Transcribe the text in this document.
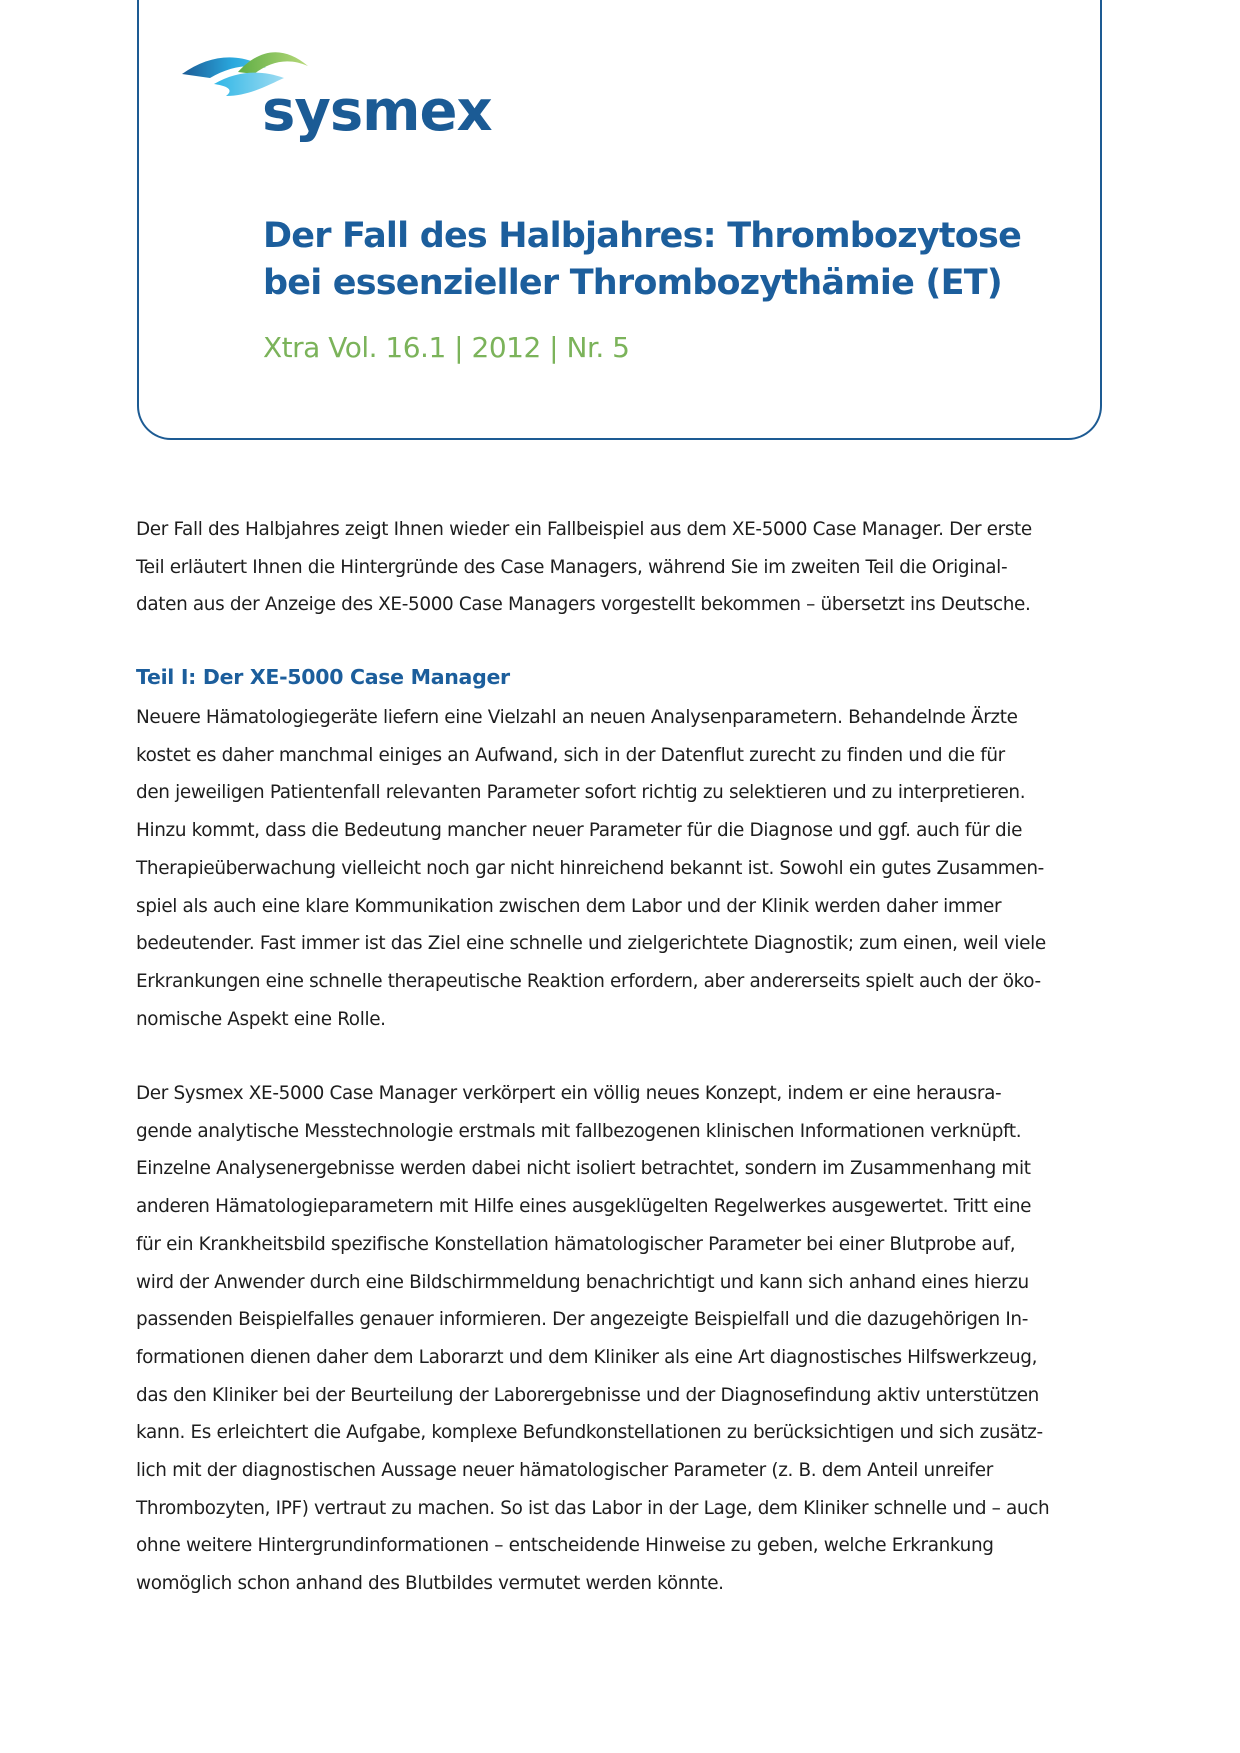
sysmex
Der Fall des Halbjahres: Thrombozytose
bei essenzieller Thrombozythämie (ET)
Xtra Vol. 16.1 | 2012 | Nr. 5
Der Fall des Halbjahres zeigt Ihnen wieder ein Fallbeispiel aus dem XE-5000 Case Manager. Der erste
Teil erläutert Ihnen die Hintergründe des Case Managers, während Sie im zweiten Teil die Original-
daten aus der Anzeige des XE-5000 Case Managers vorgestellt bekommen – übersetzt ins Deutsche.
Teil I: Der XE-5000 Case Manager
Neuere Hämatologiegeräte liefern eine Vielzahl an neuen Analysenparametern. Behandelnde Ärzte
kostet es daher manchmal einiges an Aufwand, sich in der Datenflut zurecht zu finden und die für
den jeweiligen Patientenfall relevanten Parameter sofort richtig zu selektieren und zu interpretieren.
Hinzu kommt, dass die Bedeutung mancher neuer Parameter für die Diagnose und ggf. auch für die
Therapieüberwachung vielleicht noch gar nicht hinreichend bekannt ist. Sowohl ein gutes Zusammen-
spiel als auch eine klare Kommunikation zwischen dem Labor und der Klinik werden daher immer
bedeutender. Fast immer ist das Ziel eine schnelle und zielgerichtete Diagnostik; zum einen, weil viele
Erkrankungen eine schnelle therapeutische Reaktion erfordern, aber andererseits spielt auch der öko-
nomische Aspekt eine Rolle.
Der Sysmex XE-5000 Case Manager verkörpert ein völlig neues Konzept, indem er eine herausra-
gende analytische Messtechnologie erstmals mit fallbezogenen klinischen Informationen verknüpft.
Einzelne Analysenergebnisse werden dabei nicht isoliert betrachtet, sondern im Zusammenhang mit
anderen Hämatologieparametern mit Hilfe eines ausgeklügelten Regelwerkes ausgewertet. Tritt eine
für ein Krankheitsbild spezifische Konstellation hämatologischer Parameter bei einer Blutprobe auf,
wird der Anwender durch eine Bildschirmmeldung benachrichtigt und kann sich anhand eines hierzu
passenden Beispielfalles genauer informieren. Der angezeigte Beispielfall und die dazugehörigen In-
formationen dienen daher dem Laborarzt und dem Kliniker als eine Art diagnostisches Hilfswerkzeug,
das den Kliniker bei der Beurteilung der Laborergebnisse und der Diagnosefindung aktiv unterstützen
kann. Es erleichtert die Aufgabe, komplexe Befundkonstellationen zu berücksichtigen und sich zusätz-
lich mit der diagnostischen Aussage neuer hämatologischer Parameter (z. B. dem Anteil unreifer
Thrombozyten, IPF) vertraut zu machen. So ist das Labor in der Lage, dem Kliniker schnelle und – auch
ohne weitere Hintergrundinformationen – entscheidende Hinweise zu geben, welche Erkrankung
womöglich schon anhand des Blutbildes vermutet werden könnte.
